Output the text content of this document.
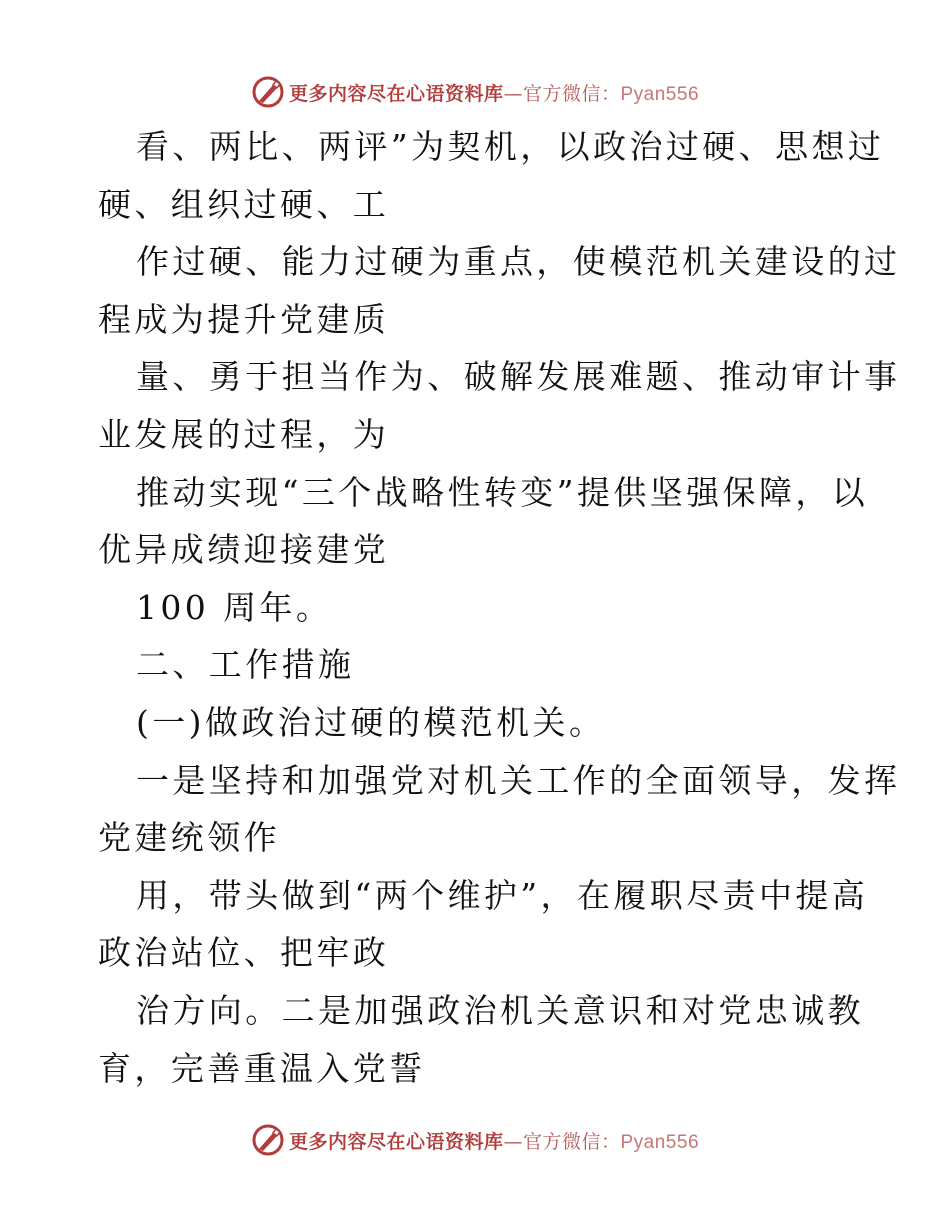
更多内容尽在心语资料库—官方微信：Pyan556
看、两比、两评”为契机，以政治过硬、思想过
硬、组织过硬、工
作过硬、能力过硬为重点，使模范机关建设的过
程成为提升党建质
量、勇于担当作为、破解发展难题、推动审计事
业发展的过程，为
推动实现“三个战略性转变”提供坚强保障，以
优异成绩迎接建党
100 周年。
二、工作措施
(一)做政治过硬的模范机关。
一是坚持和加强党对机关工作的全面领导，发挥
党建统领作
用，带头做到“两个维护”，在履职尽责中提高
政治站位、把牢政
治方向。二是加强政治机关意识和对党忠诚教
育，完善重温入党誓
更多内容尽在心语资料库—官方微信：Pyan556
